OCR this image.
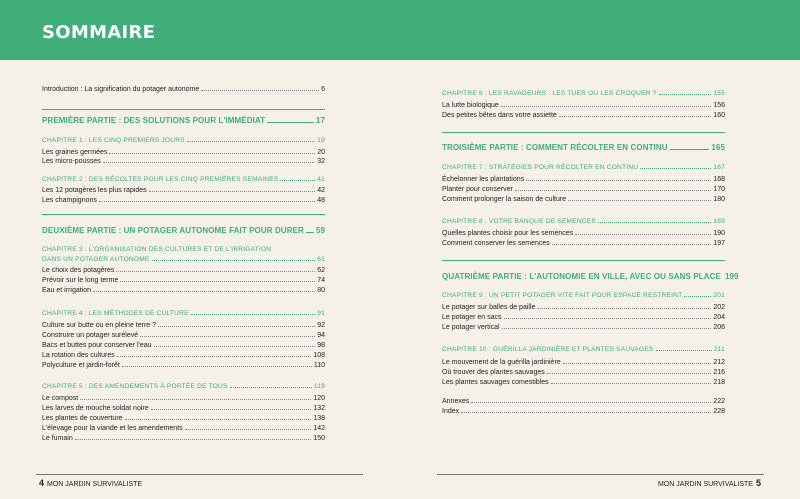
SOMMAIRE
Introduction : La signification du potager autonome	6
PREMIÈRE PARTIE : DES SOLUTIONS POUR L'IMMÉDIAT	17
CHAPITRE 1 : LES CINQ PREMIERS JOURS	19
Les graines germées	20
Les micro-pousses	32
CHAPITRE 2 : DES RÉCOLTES POUR LES CINQ PREMIÈRES SEMAINES	41
Les 12 potagères les plus rapides	42
Les champignons	48
DEUXIÈME PARTIE : UN POTAGER AUTONOME FAIT POUR DURER 59
CHAPITRE 3 : L'ORGANISATION DES CULTURES ET DE L'IRRIGATION
DANS UN POTAGER AUTONOME	61
Le choix des potagères	62
Prévoir sur le long terme	74
Eau et irrigation	80
CHAPITRE 4 : LES MÉTHODES DE CULTURE	91
Culture sur butte ou en pleine terre ?	92
Construire un potager surélevé	94
Bacs et buttes pour conserver l'eau	98
La rotation des cultures	108
Polyculture et jardin-forêt	110
CHAPITRE 5 : DES AMENDEMENTS À PORTÉE DE TOUS	119
Le compost	120
Les larves de mouche soldat noire	132
Les plantes de couverture	138
L'élevage pour la viande et les amendements	142
Le fumain	150
CHAPITRE 6 : LES RAVAGEURS : LES TUER OU LES CROQUER ?	155
La lutte biologique	156
Des petites bêtes dans votre assiette	160
TROISIÈME PARTIE : COMMENT RÉCOLTER EN CONTINU	165
CHAPITRE 7 : STRATÉGIES POUR RÉCOLTER EN CONTINU	167
Échelonner les plantations	168
Planter pour conserver	170
Comment prolonger la saison de culture	180
CHAPITRE 8 : VOTRE BANQUE DE SEMENCES	189
Quelles plantes choisir pour les semences	190
Comment conserver les semences	197
QUATRIÈME PARTIE : L'AUTONOMIE EN VILLE, AVEC OU SANS PLACE 199
CHAPITRE 9 : UN PETIT POTAGER VITE FAIT POUR ESPACE RESTREINT	201
Le potager sur balles de paille	202
Le potager en sacs	204
Le potager vertical	206
CHAPITRE 10 : GUÉRILLA JARDINIÈRE ET PLANTES SAUVAGES	211
Le mouvement de la guérilla jardinière	212
Où trouver des plantes sauvages	216
Les plantes sauvages comestibles	218
Annexes	222
Index	228
4 MON JARDIN SURVIVALISTE	MON JARDIN SURVIVALISTE 5
